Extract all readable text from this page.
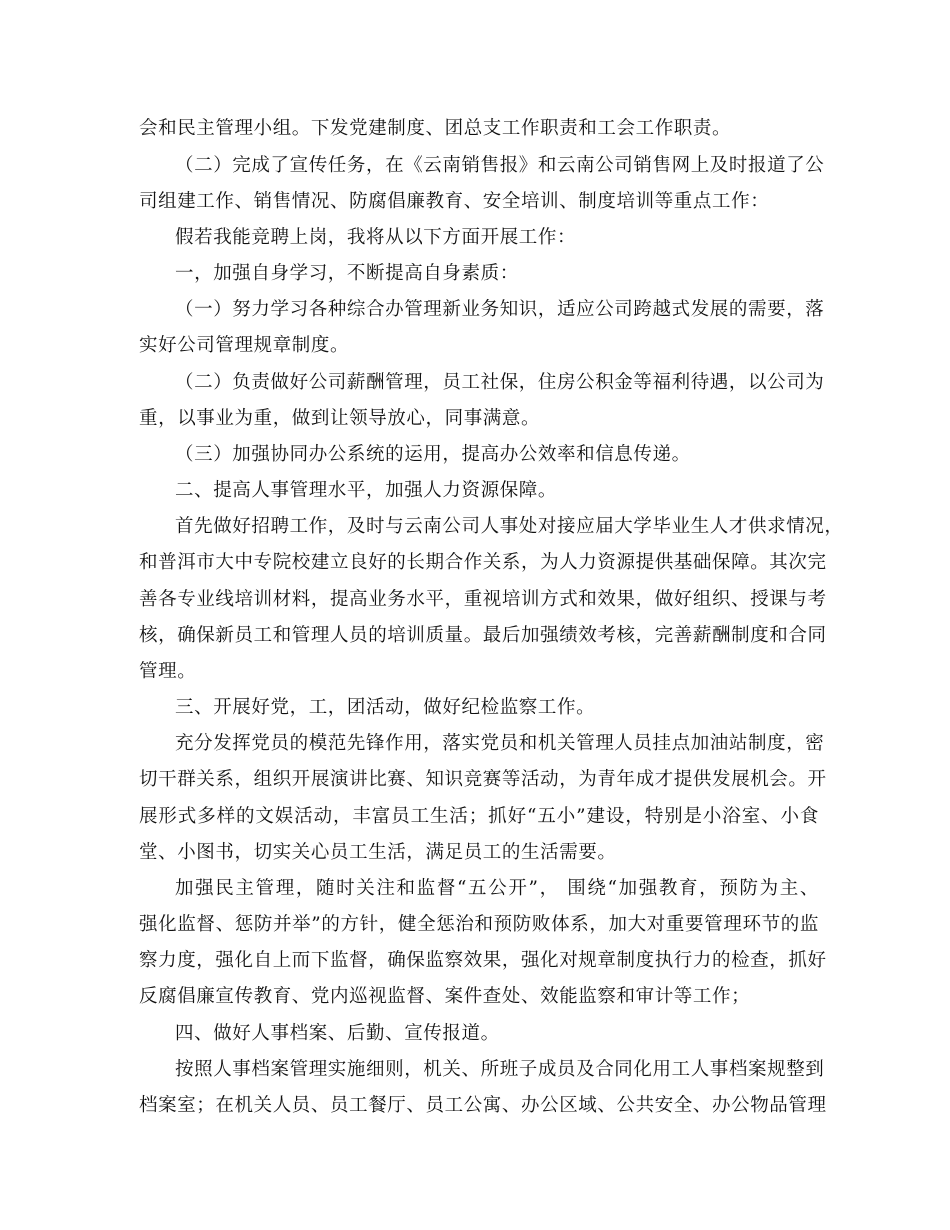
会和民主管理小组。下发党建制度、团总支工作职责和工会工作职责。
（二）完成了宣传任务，在《云南销售报》和云南公司销售网上及时报道了公
司组建工作、销售情况、防腐倡廉教育、安全培训、制度培训等重点工作：
假若我能竞聘上岗，我将从以下方面开展工作：
一，加强自身学习，不断提高自身素质：
（一）努力学习各种综合办管理新业务知识，适应公司跨越式发展的需要，落
实好公司管理规章制度。
（二）负责做好公司薪酬管理，员工社保，住房公积金等福利待遇，以公司为
重，以事业为重，做到让领导放心，同事满意。
（三）加强协同办公系统的运用，提高办公效率和信息传递。
二、提高人事管理水平，加强人力资源保障。
首先做好招聘工作，及时与云南公司人事处对接应届大学毕业生人才供求情况，
和普洱市大中专院校建立良好的长期合作关系，为人力资源提供基础保障。其次完
善各专业线培训材料，提高业务水平，重视培训方式和效果，做好组织、授课与考
核，确保新员工和管理人员的培训质量。最后加强绩效考核，完善薪酬制度和合同
管理。
三、开展好党，工，团活动，做好纪检监察工作。
充分发挥党员的模范先锋作用，落实党员和机关管理人员挂点加油站制度，密
切干群关系，组织开展演讲比赛、知识竞赛等活动，为青年成才提供发展机会。开
展形式多样的文娱活动，丰富员工生活；抓好“五小”建设，特别是小浴室、小食
堂、小图书，切实关心员工生活，满足员工的生活需要。
加强民主管理，随时关注和监督“五公开”， 围绕“加强教育，预防为主、
强化监督、惩防并举”的方针，健全惩治和预防败体系，加大对重要管理环节的监
察力度，强化自上而下监督，确保监察效果，强化对规章制度执行力的检查，抓好
反腐倡廉宣传教育、党内巡视监督、案件查处、效能监察和审计等工作；
四、做好人事档案、后勤、宣传报道。
按照人事档案管理实施细则，机关、所班子成员及合同化用工人事档案规整到
档案室；在机关人员、员工餐厅、员工公寓、办公区域、公共安全、办公物品管理
